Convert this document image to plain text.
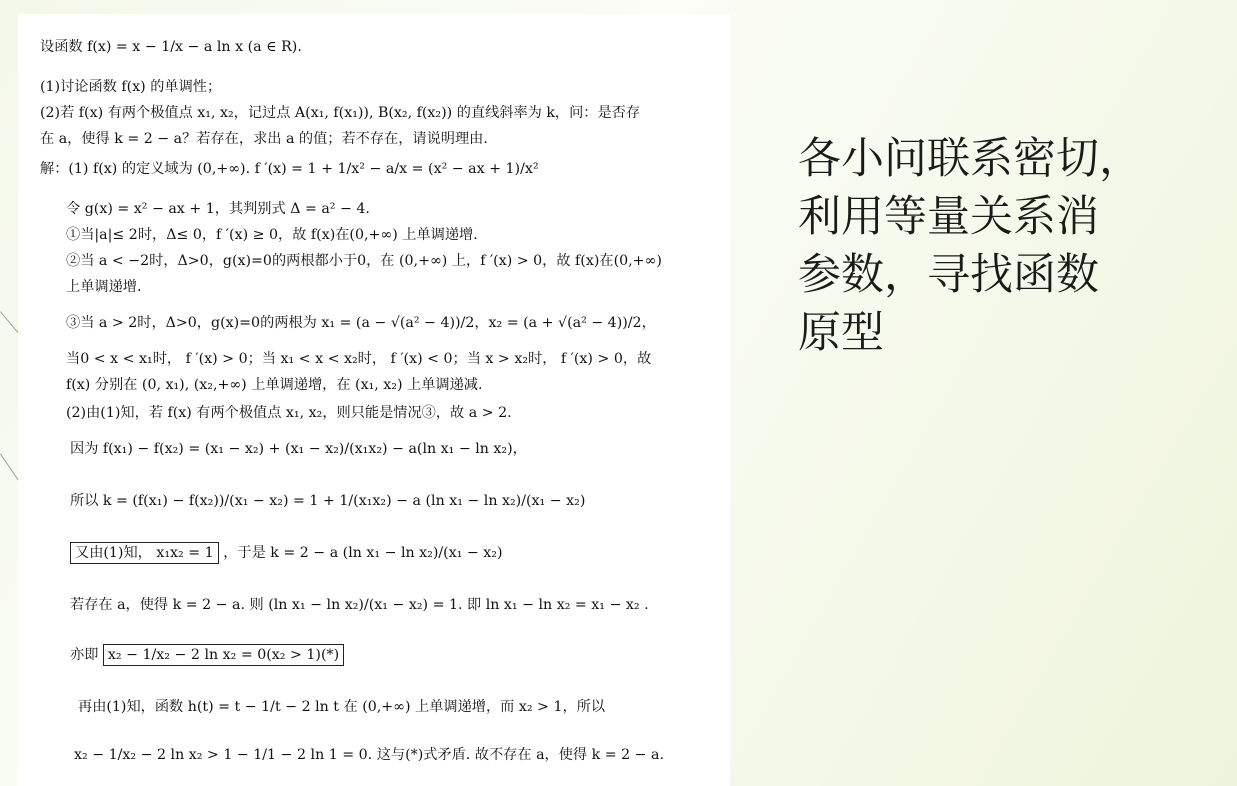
设函数 f(x) = x − 1/x − a ln x (a ∈ R).
(1)讨论函数 f(x) 的单调性；
(2)若 f(x) 有两个极值点 x₁, x₂，记过点 A(x₁, f(x₁)), B(x₂, f(x₂)) 的直线斜率为 k，问：是否存
在 a，使得 k = 2 − a？若存在，求出 a 的值；若不存在，请说明理由.
解：(1) f(x) 的定义域为 (0,+∞). f ′(x) = 1 + 1/x² − a/x = (x² − ax + 1)/x²
令 g(x) = x² − ax + 1，其判别式 Δ = a² − 4.
①当|a|≤ 2时，Δ≤ 0，f ′(x) ≥ 0，故 f(x)在(0,+∞) 上单调递增.
②当 a < −2时，Δ>0，g(x)=0的两根都小于0，在 (0,+∞) 上，f ′(x) > 0，故 f(x)在(0,+∞)
上单调递增.
③当 a > 2时，Δ>0，g(x)=0的两根为 x₁ = (a − √(a² − 4))/2，x₂ = (a + √(a² − 4))/2，
当0 < x < x₁时， f ′(x) > 0；当 x₁ < x < x₂时， f ′(x) < 0；当 x > x₂时， f ′(x) > 0，故
f(x) 分别在 (0, x₁), (x₂,+∞) 上单调递增，在 (x₁, x₂) 上单调递减.
(2)由(1)知，若 f(x) 有两个极值点 x₁, x₂，则只能是情况③，故 a > 2.
因为 f(x₁) − f(x₂) = (x₁ − x₂) + (x₁ − x₂)/(x₁x₂) − a(ln x₁ − ln x₂)，
所以 k = (f(x₁) − f(x₂))/(x₁ − x₂) = 1 + 1/(x₁x₂) − a (ln x₁ − ln x₂)/(x₁ − x₂)
又由(1)知， x₁x₂ = 1 ，于是 k = 2 − a (ln x₁ − ln x₂)/(x₁ − x₂)
若存在 a，使得 k = 2 − a. 则 (ln x₁ − ln x₂)/(x₁ − x₂) = 1. 即 ln x₁ − ln x₂ = x₁ − x₂ .
亦即 x₂ − 1/x₂ − 2 ln x₂ = 0(x₂ > 1)(*)
再由(1)知，函数 h(t) = t − 1/t − 2 ln t 在 (0,+∞) 上单调递增，而 x₂ > 1，所以
x₂ − 1/x₂ − 2 ln x₂ > 1 − 1/1 − 2 ln 1 = 0. 这与(*)式矛盾. 故不存在 a，使得 k = 2 − a.
各小问联系密切，
利用等量关系消
参数，寻找函数
原型
